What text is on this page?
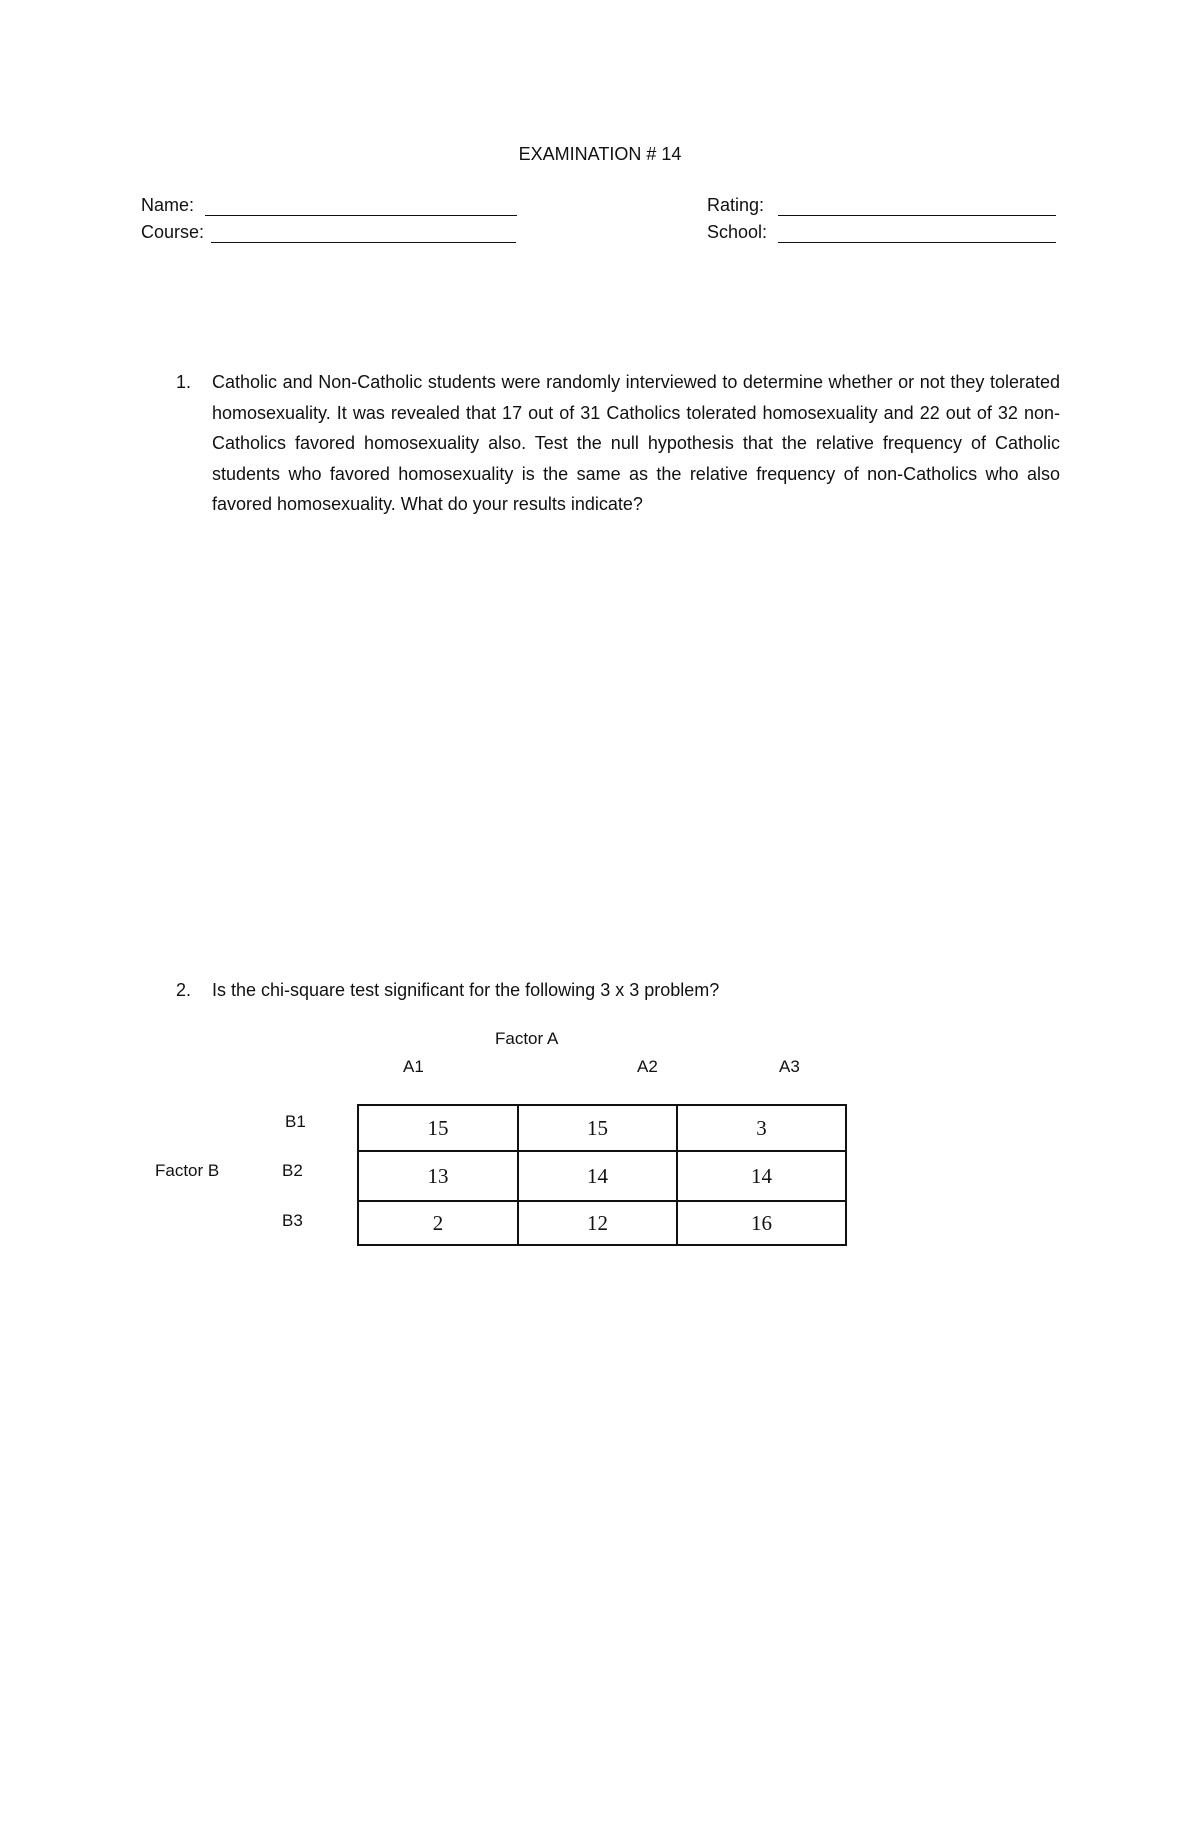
EXAMINATION # 14
Name:
Course:
Rating:
School:
1. Catholic and Non-Catholic students were randomly interviewed to determine whether or not they tolerated homosexuality. It was revealed that 17 out of 31 Catholics tolerated homosexuality and 22 out of 32 non-Catholics favored homosexuality also. Test the null hypothesis that the relative frequency of Catholic students who favored homosexuality is the same as the relative frequency of non-Catholics who also favored homosexuality. What do your results indicate?
2. Is the chi-square test significant for the following 3 x 3 problem?
Factor A
A1	A2	A3
B1
B2
B3
Factor B
15	15	3
13	14	14
2	12	16
